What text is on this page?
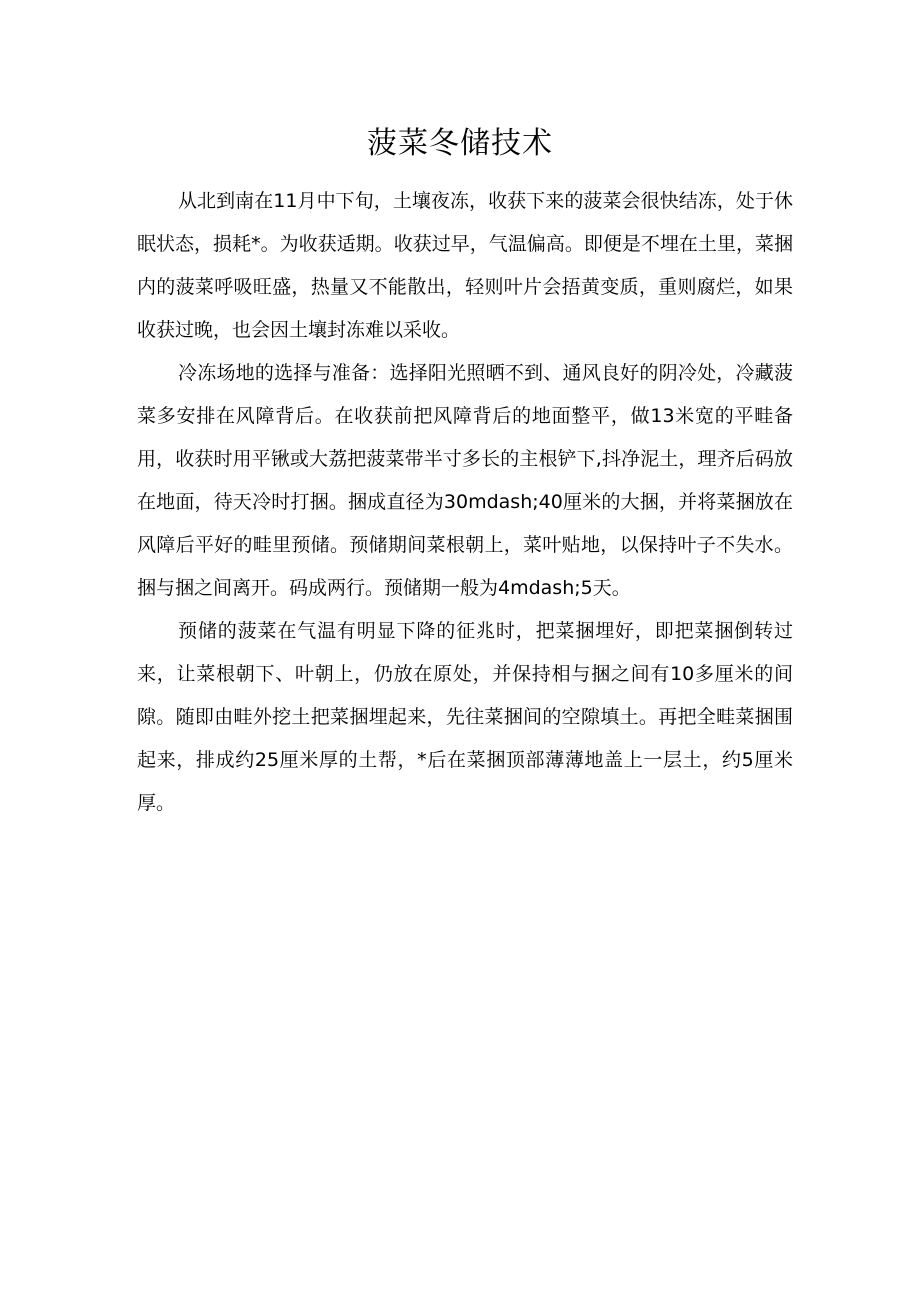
菠菜冬储技术

从北到南在11月中下旬，土壤夜冻，收获下来的菠菜会很快结冻，处于休眠状态，损耗*。为收获适期。收获过早，气温偏高。即便是不埋在土里，菜捆内的菠菜呼吸旺盛，热量又不能散出，轻则叶片会捂黄变质，重则腐烂，如果收获过晚，也会因土壤封冻难以采收。

冷冻场地的选择与准备：选择阳光照晒不到、通风良好的阴冷处，冷藏菠菜多安排在风障背后。在收获前把风障背后的地面整平，做13米宽的平畦备用，收获时用平锹或大荔把菠菜带半寸多长的主根铲下,抖净泥土，理齐后码放在地面，待天冷时打捆。捆成直径为30mdash;40厘米的大捆，并将菜捆放在风障后平好的畦里预储。预储期间菜根朝上，菜叶贴地，以保持叶子不失水。捆与捆之间离开。码成两行。预储期一般为4mdash;5天。

预储的菠菜在气温有明显下降的征兆时，把菜捆埋好，即把菜捆倒转过来，让菜根朝下、叶朝上，仍放在原处，并保持相与捆之间有10多厘米的间隙。随即由畦外挖土把菜捆埋起来，先往菜捆间的空隙填土。再把全畦菜捆围起来，排成约25厘米厚的土帮，*后在菜捆顶部薄薄地盖上一层土，约5厘米厚。
